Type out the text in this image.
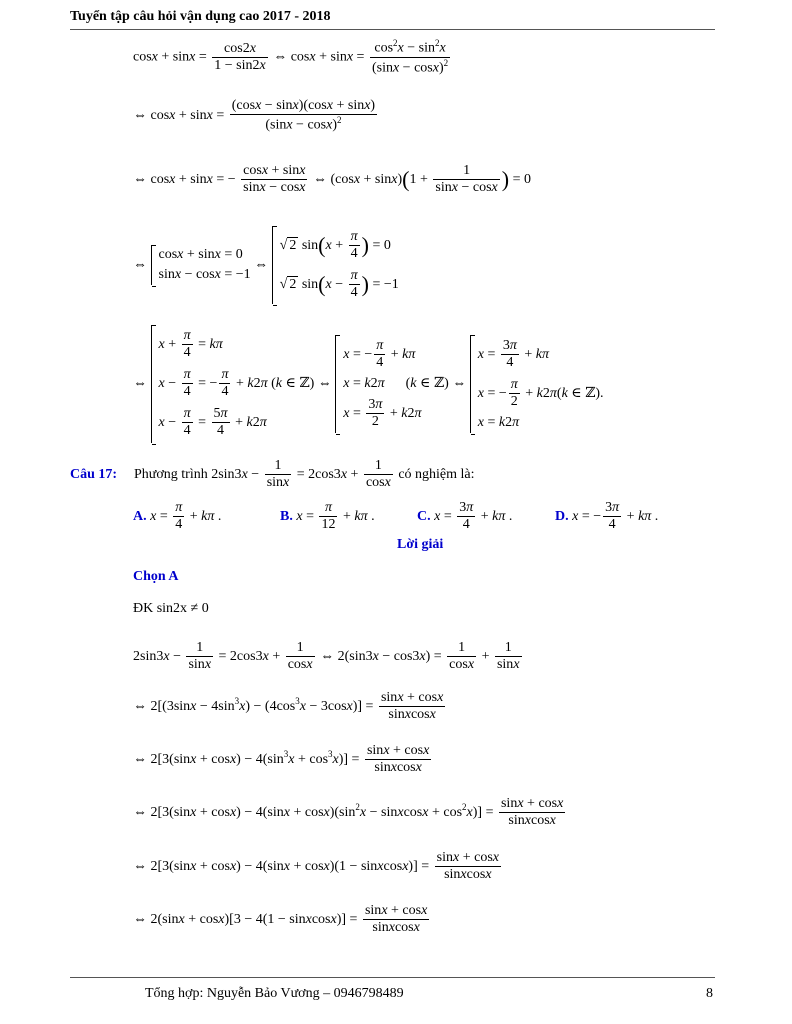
Tuyển tập câu hỏi vận dụng cao 2017 - 2018
$\cos x + \sin x = \frac{\cos 2x}{1 - \sin 2x}$ ⇔ $\cos x + \sin x = \frac{\cos^2x - \sin^2x}{(\sin x - \cos x)^2}$
⇔ $\cos x + \sin x = \frac{(\cos x - \sin x)(\cos x + \sin x)}{(\sin x - \cos x)^2}$
⇔ cosx + sinx = − $\frac{\cos x + \sin x}{\sin x - \cos x}$ ⇔ $(\cos x + \sin x)(1 + \frac{1}{\sin x - \cos x}$ ) = 0
⇔
cosx + sinx = 0
sinx − cosx = −1
⇔
√ 2 $\sin(x + \frac{\pi}{4}$ ) = 0
√ 2 $\sin(x - \frac{\pi}{4}$ ) = −1
⇔
$x + \frac{\pi}{4} = k\pi$
$x - \frac{\pi}{4}$ = − $\frac{\pi}{4} + k2\pi$ (k ∈ ℤ)
$x - \frac{\pi}{4} = \frac{5\pi}{4} + k2\pi$
⇔
x = − $\frac{\pi}{4} + k\pi$
x = k2π      (k ∈ ℤ)
$x = \frac{3\pi}{2} + k2\pi$
⇔
$x = \frac{3\pi}{4} + k\pi$
x = − $\frac{\pi}{2} + k2\pi(k$ ∈ ℤ).
x = k2π
Câu 17: Phương trình $2\sin 3x - \frac{1}{\sin x} = 2\cos 3x + \frac{1}{\cos x}$ có nghiệm là:
A. $x = \frac{\pi}{4} + k\pi$ .	B. $x = \frac{\pi}{12} + k\pi$ .	C. $x = \frac{3\pi}{4} + k\pi$ .	D. x = − $\frac{3\pi}{4} + k\pi$ .
Lời giải
Chọn A
ĐK sin2x ≠ 0
$2\sin 3x - \frac{1}{\sin x} = 2\cos 3x + \frac{1}{\cos x}$ ⇔ $2(\sin 3x - \cos 3x) = \frac{1}{\cos x} + \frac{1}{\sin x}$
⇔ $2[(3\sin x - 4\sin^3x) - (4\cos^3x - 3\cos x)] = \frac{\sin x + \cos x}{\text{sinxcosx}}$
⇔ $2[3(\sin x + \cos x) - 4(\sin^3x + \cos^3x)] = \frac{\sin x + \cos x}{\text{sinxcosx}}$
⇔ $2[3(\sin x + \cos x) - 4(\sin x + \cos x)(\sin^2x$ − sinxcosx + $\cos^2x)] = \frac{\sin x + \cos x}{\text{sinxcosx}}$
⇔ 2[3(sinx + cosx) − 4(sinx + cosx)(1 − sinxcosx)] = $\frac{\sin x + \cos x}{\text{sinxcosx}}$
⇔ 2(sinx + cosx)[3 − 4(1 − sinxcosx)] = $\frac{\sin x + \cos x}{\text{sinxcosx}}$
Tổng hợp: Nguyễn Bảo Vương – 0946798489	8
